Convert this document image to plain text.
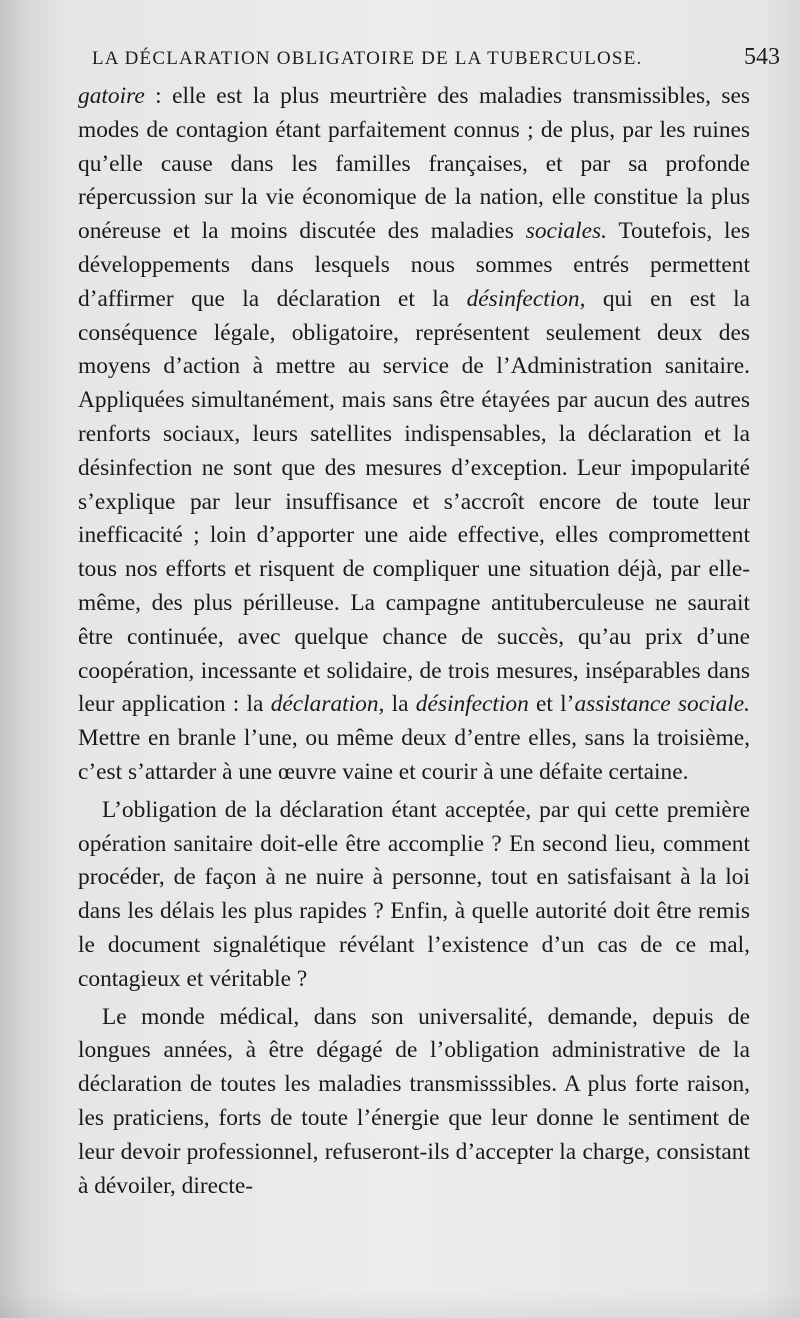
LA DÉCLARATION OBLIGATOIRE DE LA TUBERCULOSE.	543

gatoire : elle est la plus meurtrière des maladies transmissibles, ses modes de contagion étant parfaitement connus ; de plus, par les ruines qu’elle cause dans les familles françaises, et par sa profonde répercussion sur la vie économique de la nation, elle constitue la plus onéreuse et la moins discutée des maladies sociales. Toutefois, les développements dans lesquels nous sommes entrés permettent d’affirmer que la déclaration et la désinfection, qui en est la conséquence légale, obligatoire, représentent seulement deux des moyens d’action à mettre au service de l’Administration sanitaire. Appliquées simultanément, mais sans être étayées par aucun des autres renforts sociaux, leurs satellites indispensables, la déclaration et la désinfection ne sont que des mesures d’exception. Leur impopularité s’explique par leur insuffisance et s’accroît encore de toute leur inefficacité ; loin d’apporter une aide effective, elles compromettent tous nos efforts et risquent de compliquer une situation déjà, par elle-même, des plus périlleuse. La campagne antituberculeuse ne saurait être continuée, avec quelque chance de succès, qu’au prix d’une coopération, incessante et solidaire, de trois mesures, inséparables dans leur application : la déclaration, la désinfection et l’assistance sociale. Mettre en branle l’une, ou même deux d’entre elles, sans la troisième, c’est s’attarder à une œuvre vaine et courir à une défaite certaine.

L’obligation de la déclaration étant acceptée, par qui cette première opération sanitaire doit-elle être accomplie ? En second lieu, comment procéder, de façon à ne nuire à personne, tout en satisfaisant à la loi dans les délais les plus rapides ? Enfin, à quelle autorité doit être remis le document signalétique révélant l’existence d’un cas de ce mal, contagieux et véritable ?

Le monde médical, dans son universalité, demande, depuis de longues années, à être dégagé de l’obligation administrative de la déclaration de toutes les maladies transmisssibles. A plus forte raison, les praticiens, forts de toute l’énergie que leur donne le sentiment de leur devoir professionnel, refuseront-ils d’accepter la charge, consistant à dévoiler, directe-
